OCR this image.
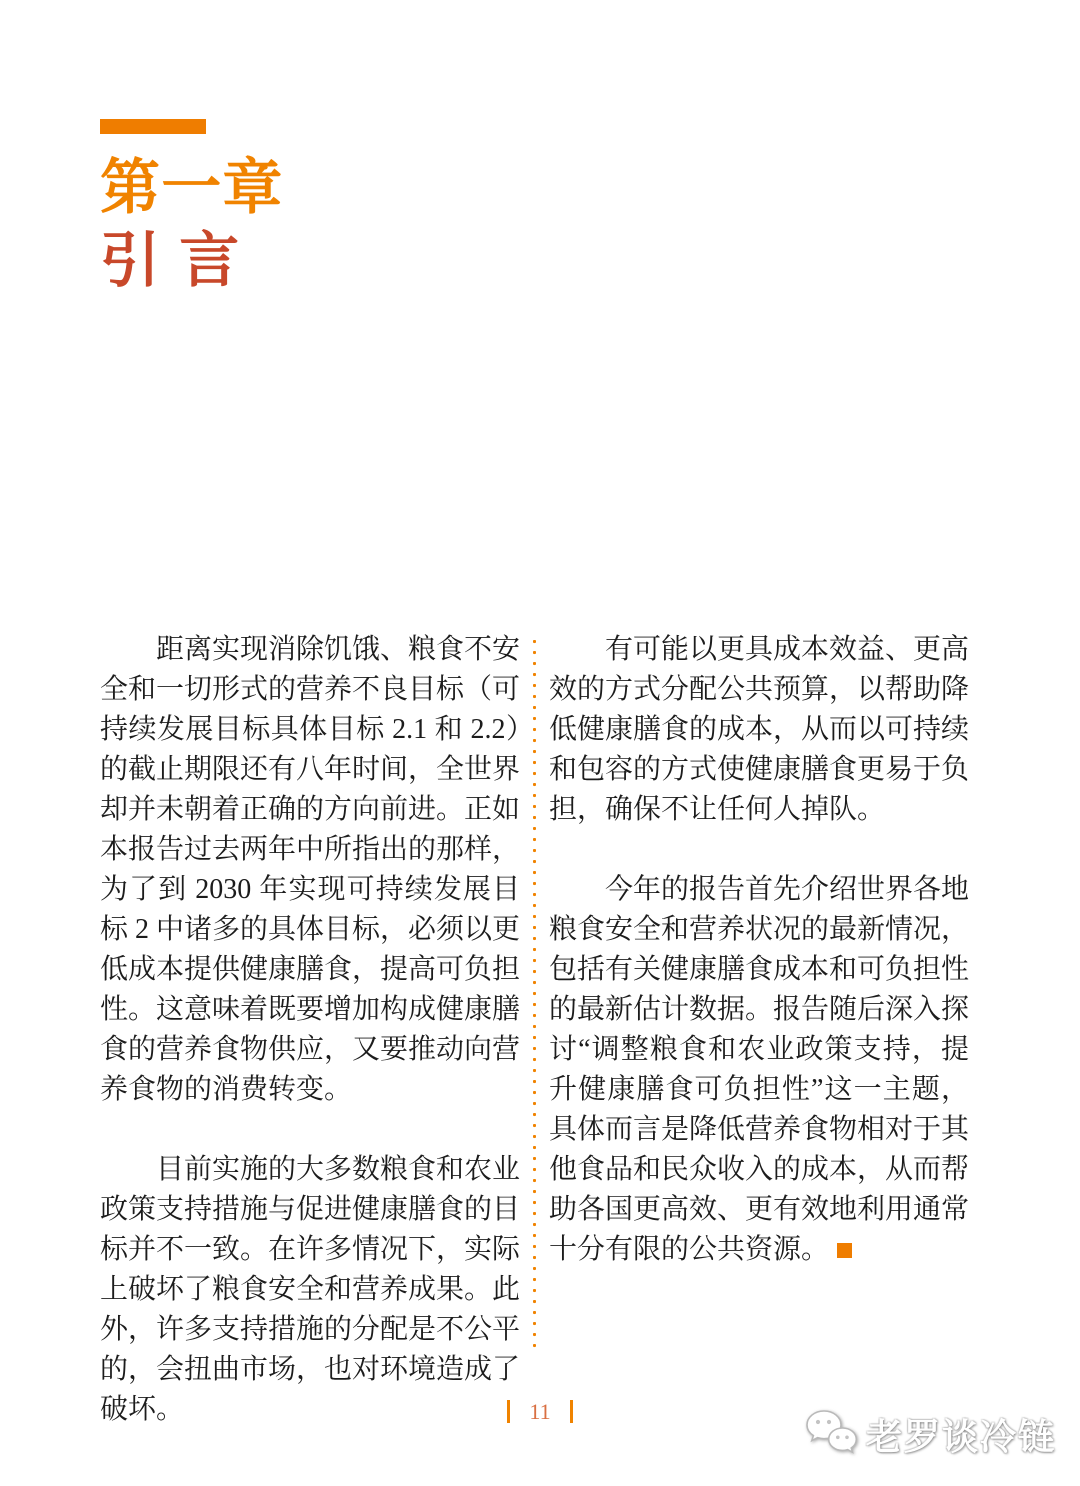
第一章
引言

距离实现消除饥饿、粮食不安全和一切形式的营养不良目标（可持续发展目标具体目标 2.1 和 2.2）的截止期限还有八年时间，全世界却并未朝着正确的方向前进。正如本报告过去两年中所指出的那样，为了到 2030 年实现可持续发展目标 2 中诸多的具体目标，必须以更低成本提供健康膳食，提高可负担性。这意味着既要增加构成健康膳食的营养食物供应，又要推动向营养食物的消费转变。

目前实施的大多数粮食和农业政策支持措施与促进健康膳食的目标并不一致。在许多情况下，实际上破坏了粮食安全和营养成果。此外，许多支持措施的分配是不公平的，会扭曲市场，也对环境造成了破坏。

有可能以更具成本效益、更高效的方式分配公共预算，以帮助降低健康膳食的成本，从而以可持续和包容的方式使健康膳食更易于负担，确保不让任何人掉队。

今年的报告首先介绍世界各地粮食安全和营养状况的最新情况，包括有关健康膳食成本和可负担性的最新估计数据。报告随后深入探讨“调整粮食和农业政策支持，提升健康膳食可负担性”这一主题，具体而言是降低营养食物相对于其他食品和民众收入的成本，从而帮助各国更高效、更有效地利用通常十分有限的公共资源。

11
老罗谈冷链
